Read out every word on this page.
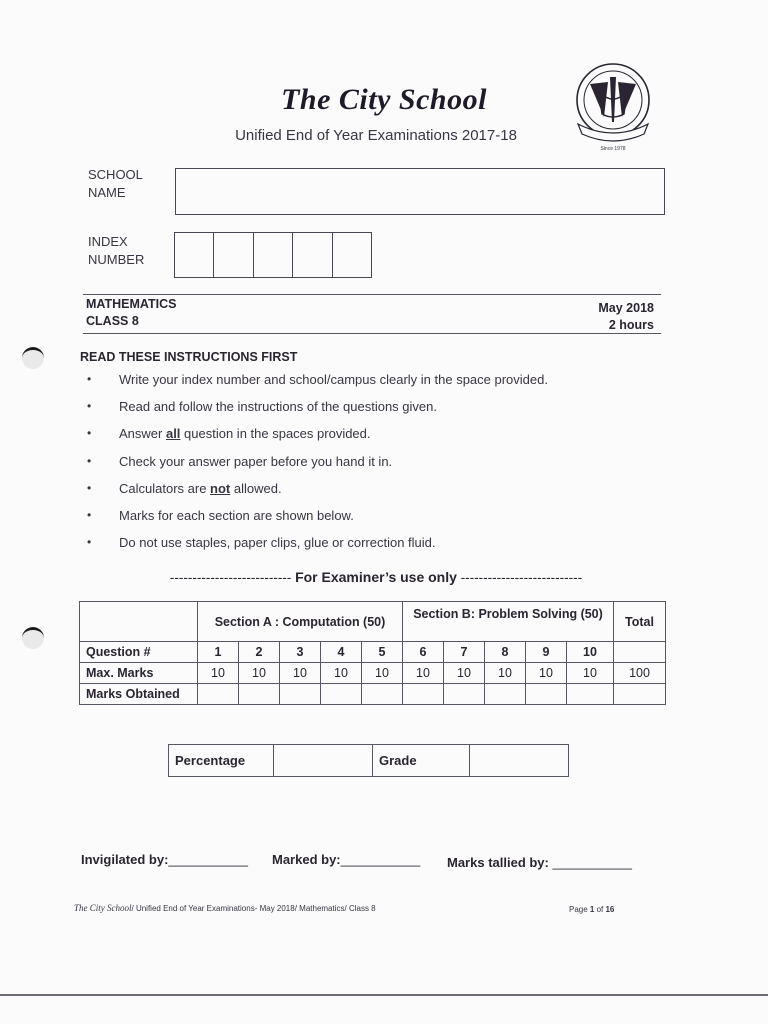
The City School
Unified End of Year Examinations 2017-18
Since 1978
SCHOOL
NAME
INDEX
NUMBER
MATHEMATICS
CLASS 8
May 2018
2 hours
READ THESE INSTRUCTIONS FIRST
• Write your index number and school/campus clearly in the space provided.
• Read and follow the instructions of the questions given.
• Answer all question in the spaces provided.
• Check your answer paper before you hand it in.
• Calculators are not allowed.
• Marks for each section are shown below.
• Do not use staples, paper clips, glue or correction fluid.
--------------------------- For Examiner’s use only ---------------------------
	Section A : Computation (50)					Section B: Problem Solving (50)					Total
Question #	1	2	3	4	5	6	7	8	9	10	
Max. Marks	10	10	10	10	10	10	10	10	10	10	100
Marks Obtained											
Percentage		Grade	
Invigilated by:___________ Marked by:___________ Marks tallied by: ___________
The City School/ Unified End of Year Examinations- May 2018/ Mathematics/ Class 8	Page 1 of 16
